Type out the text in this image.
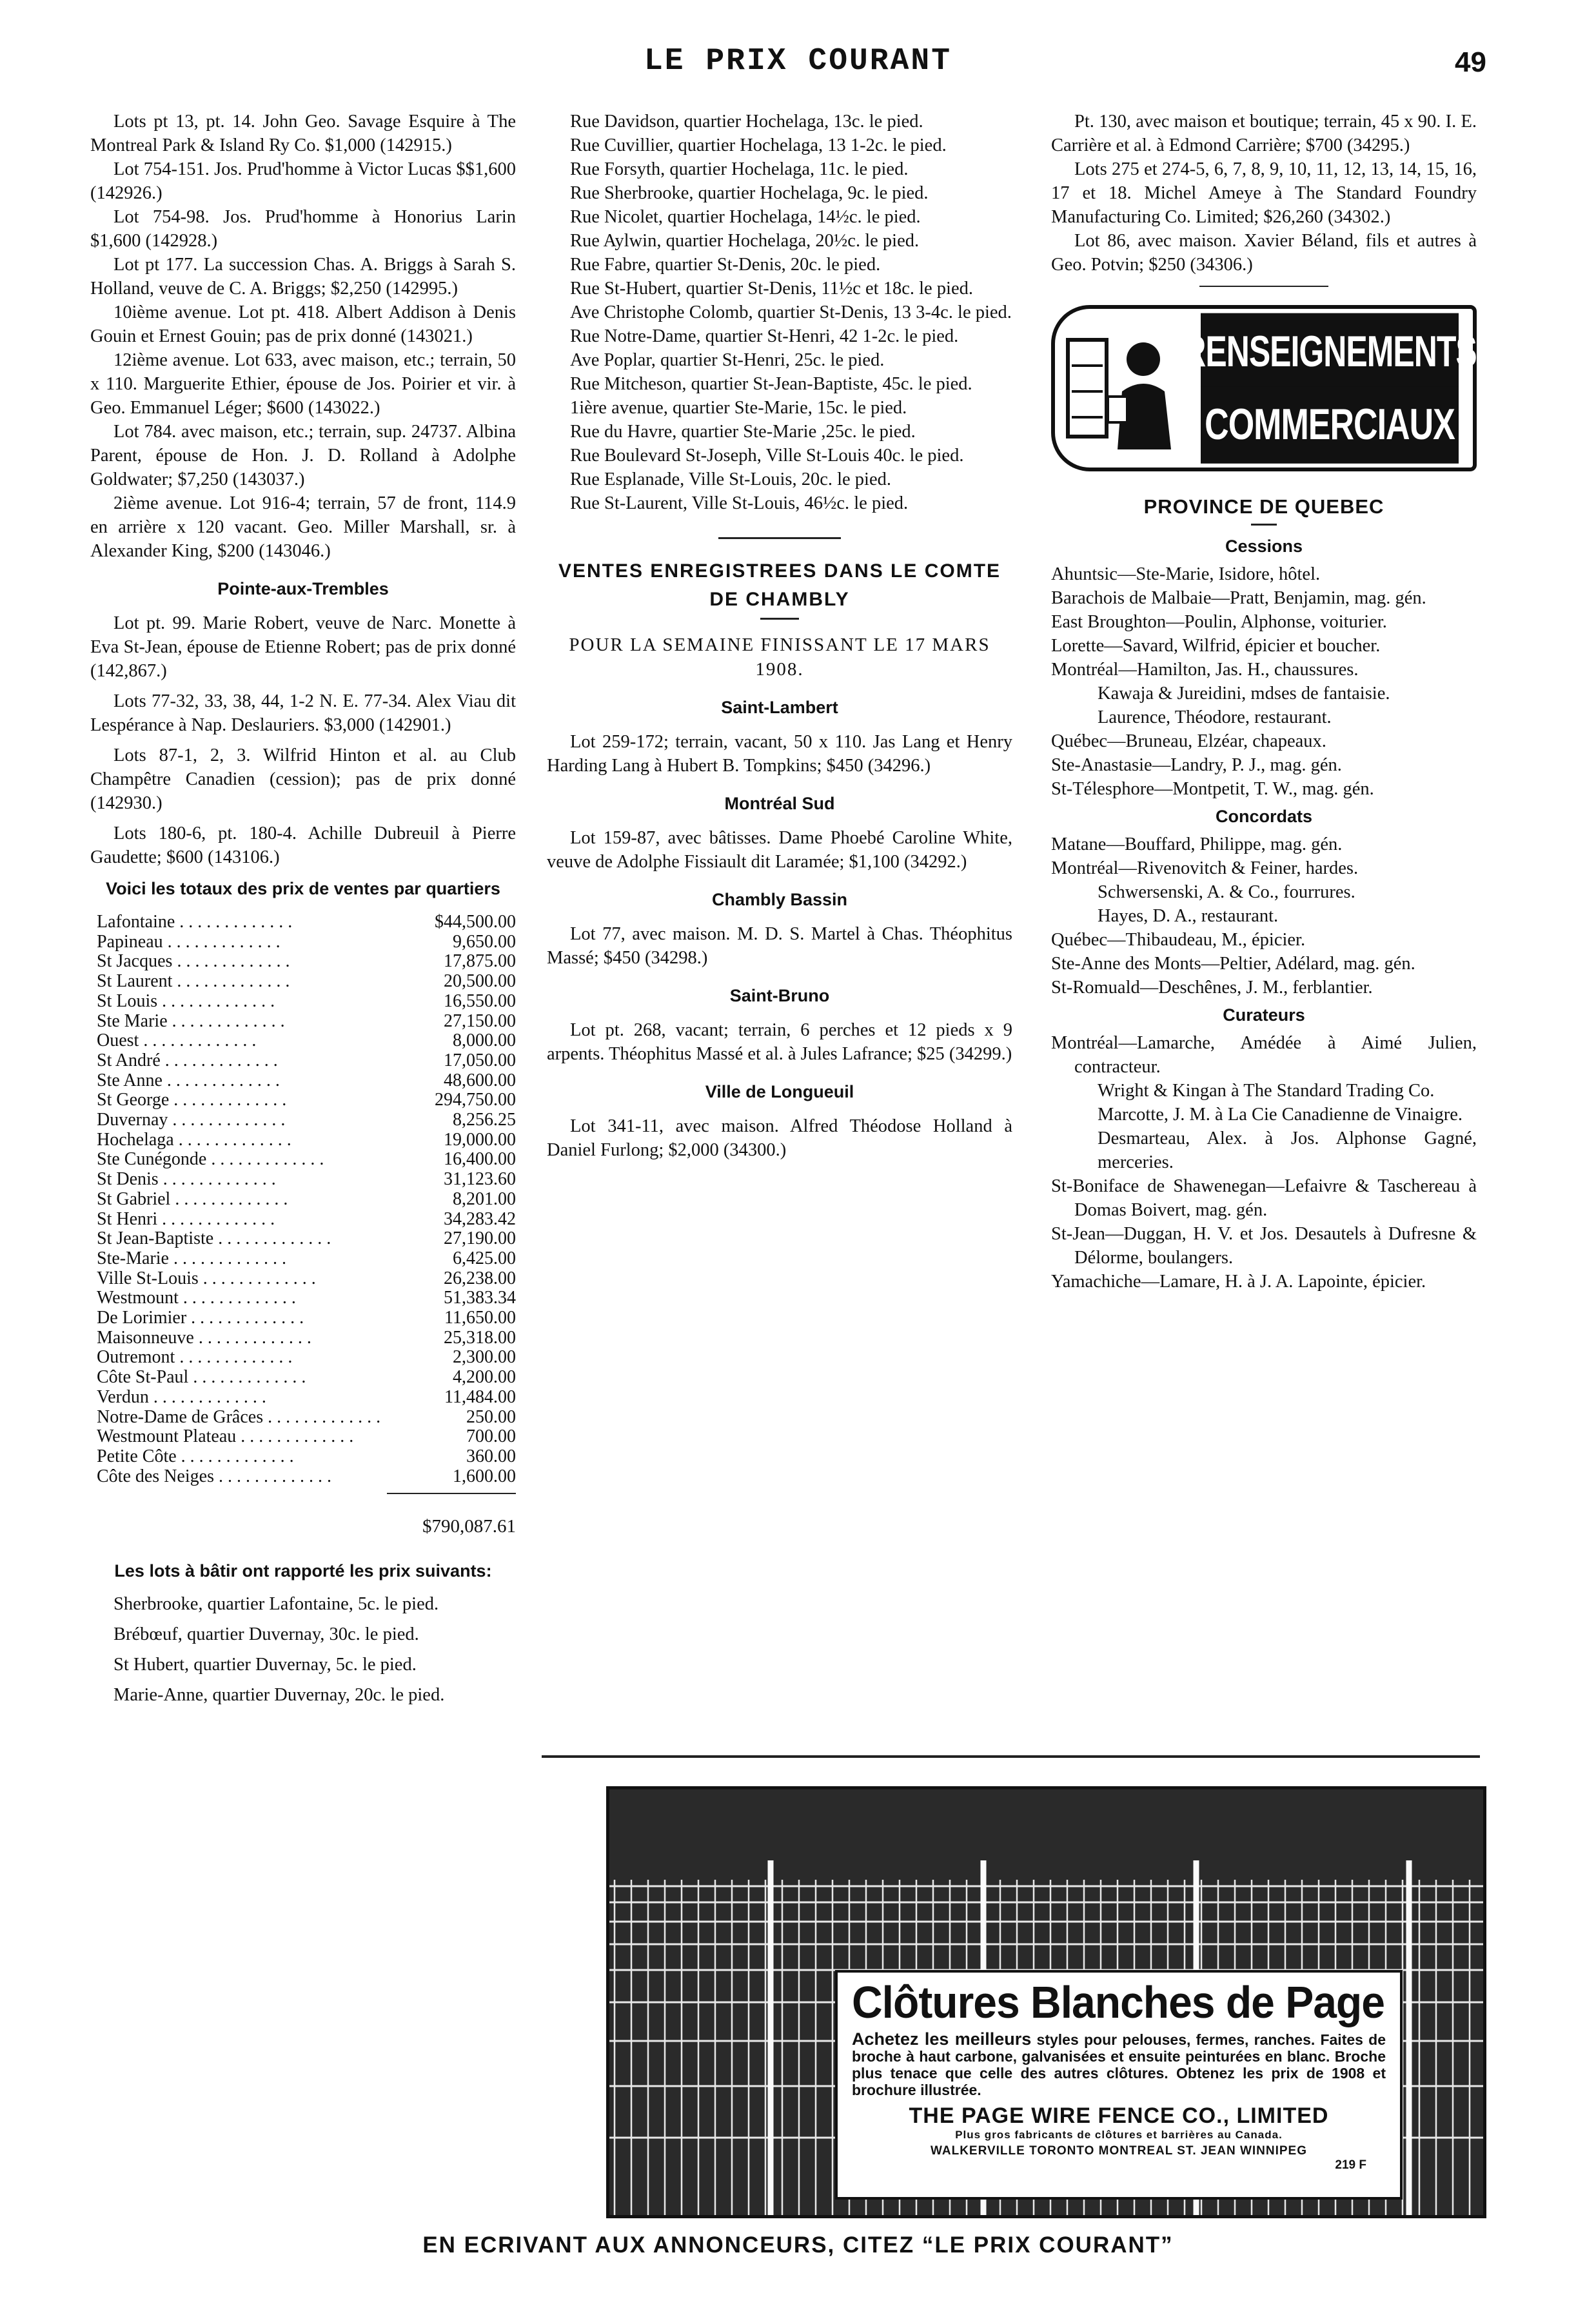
LE PRIX COURANT	49

Lots pt 13, pt. 14. John Geo. Savage Esquire à The Montreal Park & Island Ry Co. $1,000 (142915.)

Lot 754-151. Jos. Prud'homme à Victor Lucas $$1,600 (142926.)

Lot 754-98. Jos. Prud'homme à Honorius Larin $1,600 (142928.)

Lot pt 177. La succession Chas. A. Briggs à Sarah S. Holland, veuve de C. A. Briggs; $2,250 (142995.)

10ième avenue. Lot pt. 418. Albert Addison à Denis Gouin et Ernest Gouin; pas de prix donné (143021.)

12ième avenue. Lot 633, avec maison, etc.; terrain, 50 x 110. Marguerite Ethier, épouse de Jos. Poirier et vir. à Geo. Emmanuel Léger; $600 (143022.)

Lot 784. avec maison, etc.; terrain, sup. 24737. Albina Parent, épouse de Hon. J. D. Rolland à Adolphe Goldwater; $7,250 (143037.)

2ième avenue. Lot 916-4; terrain, 57 de front, 114.9 en arrière x 120 vacant. Geo. Miller Marshall, sr. à Alexander King, $200 (143046.)

Pointe-aux-Trembles

Lot pt. 99. Marie Robert, veuve de Narc. Monette à Eva St-Jean, épouse de Etienne Robert; pas de prix donné (142,867.)

Lots 77-32, 33, 38, 44, 1-2 N. E. 77-34. Alex Viau dit Lespérance à Nap. Deslauriers. $3,000 (142901.)

Lots 87-1, 2, 3. Wilfrid Hinton et al. au Club Champêtre Canadien (cession); pas de prix donné (142930.)

Lots 180-6, pt. 180-4. Achille Dubreuil à Pierre Gaudette; $600 (143106.)

Voici les totaux des prix de ventes par quartiers
Lafontaine . . . . . . . . . . . . .	$44,500.00
Papineau . . . . . . . . . . . . .	9,650.00
St Jacques . . . . . . . . . . . . .	17,875.00
St Laurent . . . . . . . . . . . . .	20,500.00
St Louis . . . . . . . . . . . . .	16,550.00
Ste Marie . . . . . . . . . . . . .	27,150.00
Ouest . . . . . . . . . . . . .	8,000.00
St André . . . . . . . . . . . . .	17,050.00
Ste Anne . . . . . . . . . . . . .	48,600.00
St George . . . . . . . . . . . . .	294,750.00
Duvernay . . . . . . . . . . . . .	8,256.25
Hochelaga . . . . . . . . . . . . .	19,000.00
Ste Cunégonde . . . . . . . . . . . . .	16,400.00
St Denis . . . . . . . . . . . . .	31,123.60
St Gabriel . . . . . . . . . . . . .	8,201.00
St Henri . . . . . . . . . . . . .	34,283.42
St Jean-Baptiste . . . . . . . . . . . . .	27,190.00
Ste-Marie . . . . . . . . . . . . .	6,425.00
Ville St-Louis . . . . . . . . . . . . .	26,238.00
Westmount . . . . . . . . . . . . .	51,383.34
De Lorimier . . . . . . . . . . . . .	11,650.00
Maisonneuve . . . . . . . . . . . . .	25,318.00
Outremont . . . . . . . . . . . . .	2,300.00
Côte St-Paul . . . . . . . . . . . . .	4,200.00
Verdun . . . . . . . . . . . . .	11,484.00
Notre-Dame de Grâces . . . . . . . . . . . . .	250.00
Westmount Plateau . . . . . . . . . . . . .	700.00
Petite Côte . . . . . . . . . . . . .	360.00
Côte des Neiges . . . . . . . . . . . . .	1,600.00
$790,087.61
Les lots à bâtir ont rapporté les prix suivants:

Sherbrooke, quartier Lafontaine, 5c. le pied.

Brébœuf, quartier Duvernay, 30c. le pied.

St Hubert, quartier Duvernay, 5c. le pied.

Marie-Anne, quartier Duvernay, 20c. le pied.

Rue Davidson, quartier Hochelaga, 13c. le pied.

Rue Cuvillier, quartier Hochelaga, 13 1-2c. le pied.

Rue Forsyth, quartier Hochelaga, 11c. le pied.

Rue Sherbrooke, quartier Hochelaga, 9c. le pied.

Rue Nicolet, quartier Hochelaga, 14½c. le pied.

Rue Aylwin, quartier Hochelaga, 20½c. le pied.

Rue Fabre, quartier St-Denis, 20c. le pied.

Rue St-Hubert, quartier St-Denis, 11½c et 18c. le pied.

Ave Christophe Colomb, quartier St-Denis, 13 3-4c. le pied.

Rue Notre-Dame, quartier St-Henri, 42 1-2c. le pied.

Ave Poplar, quartier St-Henri, 25c. le pied.

Rue Mitcheson, quartier St-Jean-Baptiste, 45c. le pied.

1ière avenue, quartier Ste-Marie, 15c. le pied.

Rue du Havre, quartier Ste-Marie ,25c. le pied.

Rue Boulevard St-Joseph, Ville St-Louis 40c. le pied.

Rue Esplanade, Ville St-Louis, 20c. le pied.

Rue St-Laurent, Ville St-Louis, 46½c. le pied.

VENTES ENREGISTREES DANS LE COMTE DE CHAMBLY
POUR LA SEMAINE FINISSANT LE 17 MARS 1908.
Saint-Lambert

Lot 259-172; terrain, vacant, 50 x 110. Jas Lang et Henry Harding Lang à Hubert B. Tompkins; $450 (34296.)

Montréal Sud

Lot 159-87, avec bâtisses. Dame Phoebé Caroline White, veuve de Adolphe Fissiault dit Laramée; $1,100 (34292.)

Chambly Bassin

Lot 77, avec maison. M. D. S. Martel à Chas. Théophitus Massé; $450 (34298.)

Saint-Bruno

Lot pt. 268, vacant; terrain, 6 perches et 12 pieds x 9 arpents. Théophitus Massé et al. à Jules Lafrance; $25 (34299.)

Ville de Longueuil

Lot 341-11, avec maison. Alfred Théodose Holland à Daniel Furlong; $2,000 (34300.)

Pt. 130, avec maison et boutique; terrain, 45 x 90. I. E. Carrière et al. à Edmond Carrière; $700 (34295.)

Lots 275 et 274-5, 6, 7, 8, 9, 10, 11, 12, 13, 14, 15, 16, 17 et 18. Michel Ameye à The Standard Foundry Manufacturing Co. Limited; $26,260 (34302.)

Lot 86, avec maison. Xavier Béland, fils et autres à Geo. Potvin; $250 (34306.)

RENSEIGNEMENTS
COMMERCIAUX
PROVINCE DE QUEBEC
Cessions

Ahuntsic—Ste-Marie, Isidore, hôtel.

Barachois de Malbaie—Pratt, Benjamin, mag. gén.

East Broughton—Poulin, Alphonse, voiturier.

Lorette—Savard, Wilfrid, épicier et boucher.

Montréal—Hamilton, Jas. H., chaussures.

Kawaja & Jureidini, mdses de fantaisie.

Laurence, Théodore, restaurant.

Québec—Bruneau, Elzéar, chapeaux.

Ste-Anastasie—Landry, P. J., mag. gén.

St-Télesphore—Montpetit, T. W., mag. gén.

Concordats

Matane—Bouffard, Philippe, mag. gén.

Montréal—Rivenovitch & Feiner, hardes.

Schwersenski, A. & Co., fourrures.

Hayes, D. A., restaurant.

Québec—Thibaudeau, M., épicier.

Ste-Anne des Monts—Peltier, Adélard, mag. gén.

St-Romuald—Deschênes, J. M., ferblantier.

Curateurs

Montréal—Lamarche, Amédée à Aimé Julien, contracteur.

Wright & Kingan à The Standard Trading Co.

Marcotte, J. M. à La Cie Canadienne de Vinaigre.

Desmarteau, Alex. à Jos. Alphonse Gagné, merceries.

St-Boniface de Shawenegan—Lefaivre & Taschereau à Domas Boivert, mag. gén.

St-Jean—Duggan, H. V. et Jos. Desautels à Dufresne & Délorme, boulangers.

Yamachiche—Lamare, H. à J. A. Lapointe, épicier.

Clôtures Blanches de Page
Achetez les meilleurs styles pour pelouses, fermes, ranches. Faites de broche à haut carbone, galvanisées et ensuite peinturées en blanc. Broche plus tenace que celle des autres clôtures. Obtenez les prix de 1908 et brochure illustrée.
THE PAGE WIRE FENCE CO., LIMITED
Plus gros fabricants de clôtures et barrières au Canada.
WALKERVILLE TORONTO MONTREAL ST. JEAN WINNIPEG
219 F
EN ECRIVANT AUX ANNONCEURS, CITEZ “LE PRIX COURANT”
